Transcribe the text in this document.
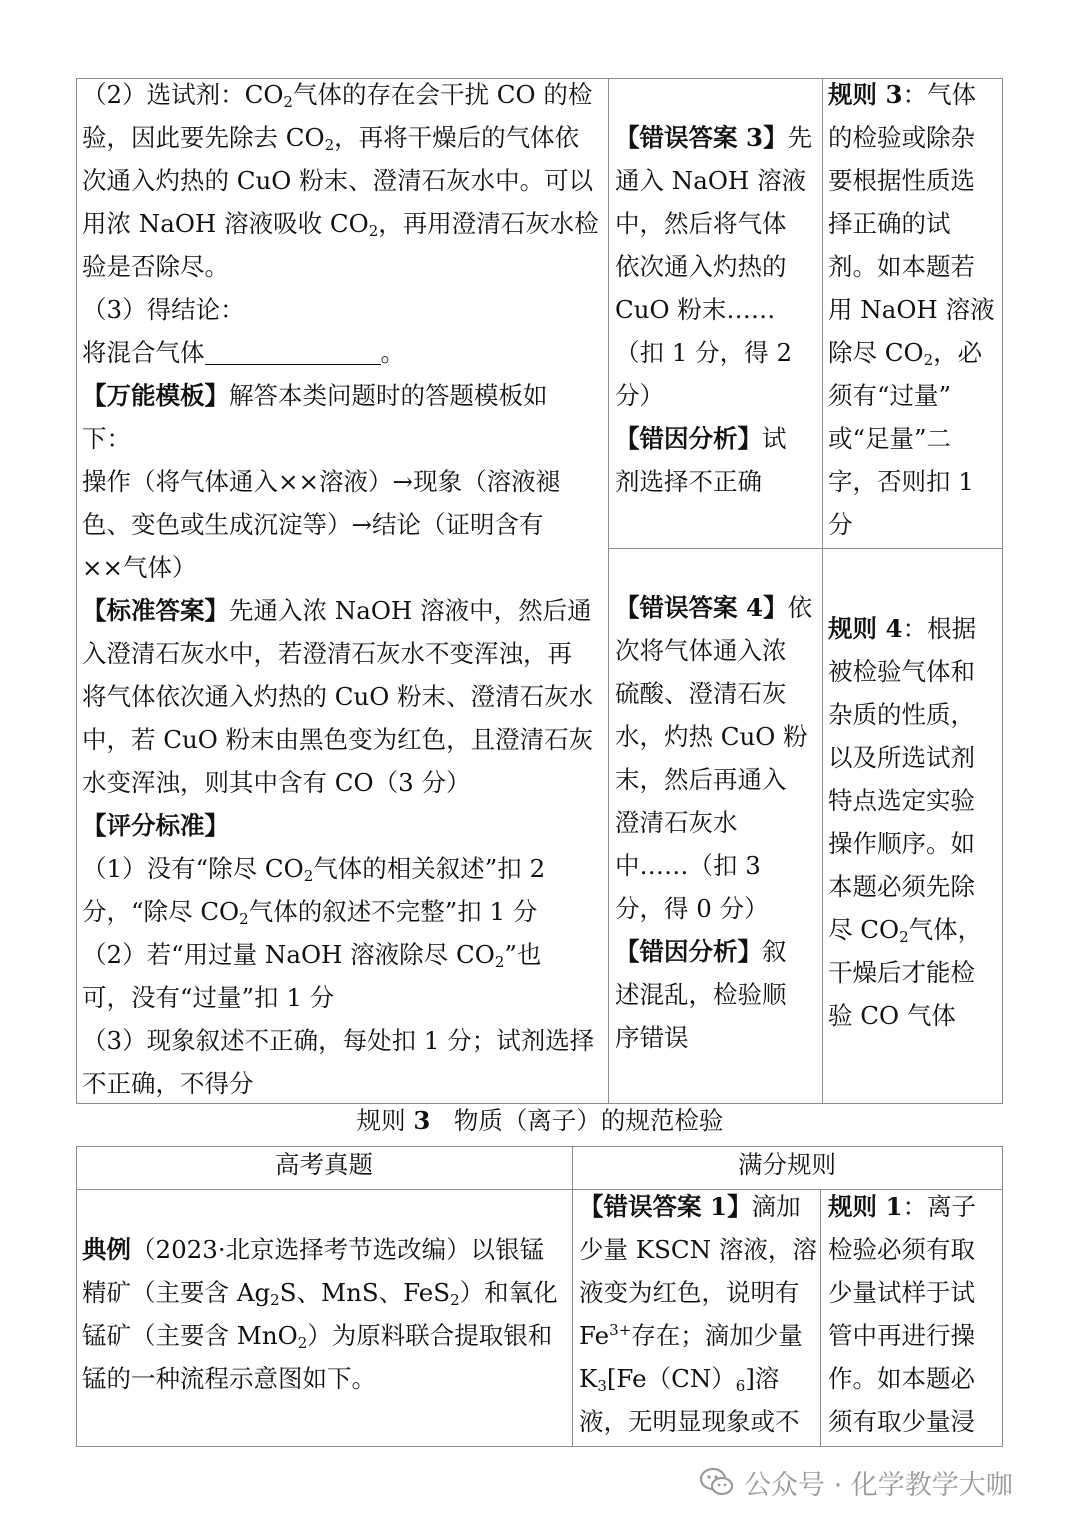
（2）选试剂：$CO_2$气体的存在会干扰 CO 的检
验，因此要先除去 $CO_2$，再将干燥后的气体依
次通入灼热的 CuO 粉末、澄清石灰水中。可以
用浓 NaOH 溶液吸收 $CO_2$，再用澄清石灰水检
验是否除尽。
（3）得结论：
将混合气体	。
【万能模板】解答本类问题时的答题模板如
下：
操作（将气体通入××溶液）→现象（溶液褪
色、变色或生成沉淀等）→结论（证明含有
××气体）
【标准答案】先通入浓 NaOH 溶液中，然后通
入澄清石灰水中，若澄清石灰水不变浑浊，再
将气体依次通入灼热的 CuO 粉末、澄清石灰水
中，若 CuO 粉末由黑色变为红色，且澄清石灰
水变浑浊，则其中含有 CO（3 分）
【评分标准】
（1）没有“除尽 $CO_2$气体的相关叙述”扣 2
分，“除尽 $CO_2$气体的叙述不完整”扣 1 分
（2）若“用过量 NaOH 溶液除尽 $CO_2$”也
可，没有“过量”扣 1 分
（3）现象叙述不正确，每处扣 1 分；试剂选择
不正确，不得分
【错误答案 3】先
通入 NaOH 溶液
中，然后将气体
依次通入灼热的
CuO 粉末……
（扣 1 分，得 2
分）
【错因分析】试
剂选择不正确
【错误答案 4】依
次将气体通入浓
硫酸、澄清石灰
水，灼热 CuO 粉
末，然后再通入
澄清石灰水
中……（扣 3
分，得 0 分）
【错因分析】叙
述混乱，检验顺
序错误
规则 3：气体
的检验或除杂
要根据性质选
择正确的试
剂。如本题若
用 NaOH 溶液
除尽 $CO_2$，必
须有“过量”
或“足量”二
字，否则扣 1
分
规则 4：根据
被检验气体和
杂质的性质，
以及所选试剂
特点选定实验
操作顺序。如
本题必须先除
尽 $CO_2$气体，
干燥后才能检
验 CO 气体
规则 3 物质（离子）的规范检验
高考真题	满分规则
典例（2023·北京选择考节选改编）以银锰
精矿（主要含 $Ag_2S$、MnS、FeS$_2$）和氧化
锰矿（主要含 MnO$_2$）为原料联合提取银和
锰的一种流程示意图如下。
【错误答案 1】滴加
少量 KSCN 溶液，溶
液变为红色，说明有
$Fe^{3+}$存在；滴加少量
$K_3[Fe(CN)_6]$溶
液，无明显现象或不
规则 1：离子
检验必须有取
少量试样于试
管中再进行操
作。如本题必
须有取少量浸
公众号 · 化学教学大咖
